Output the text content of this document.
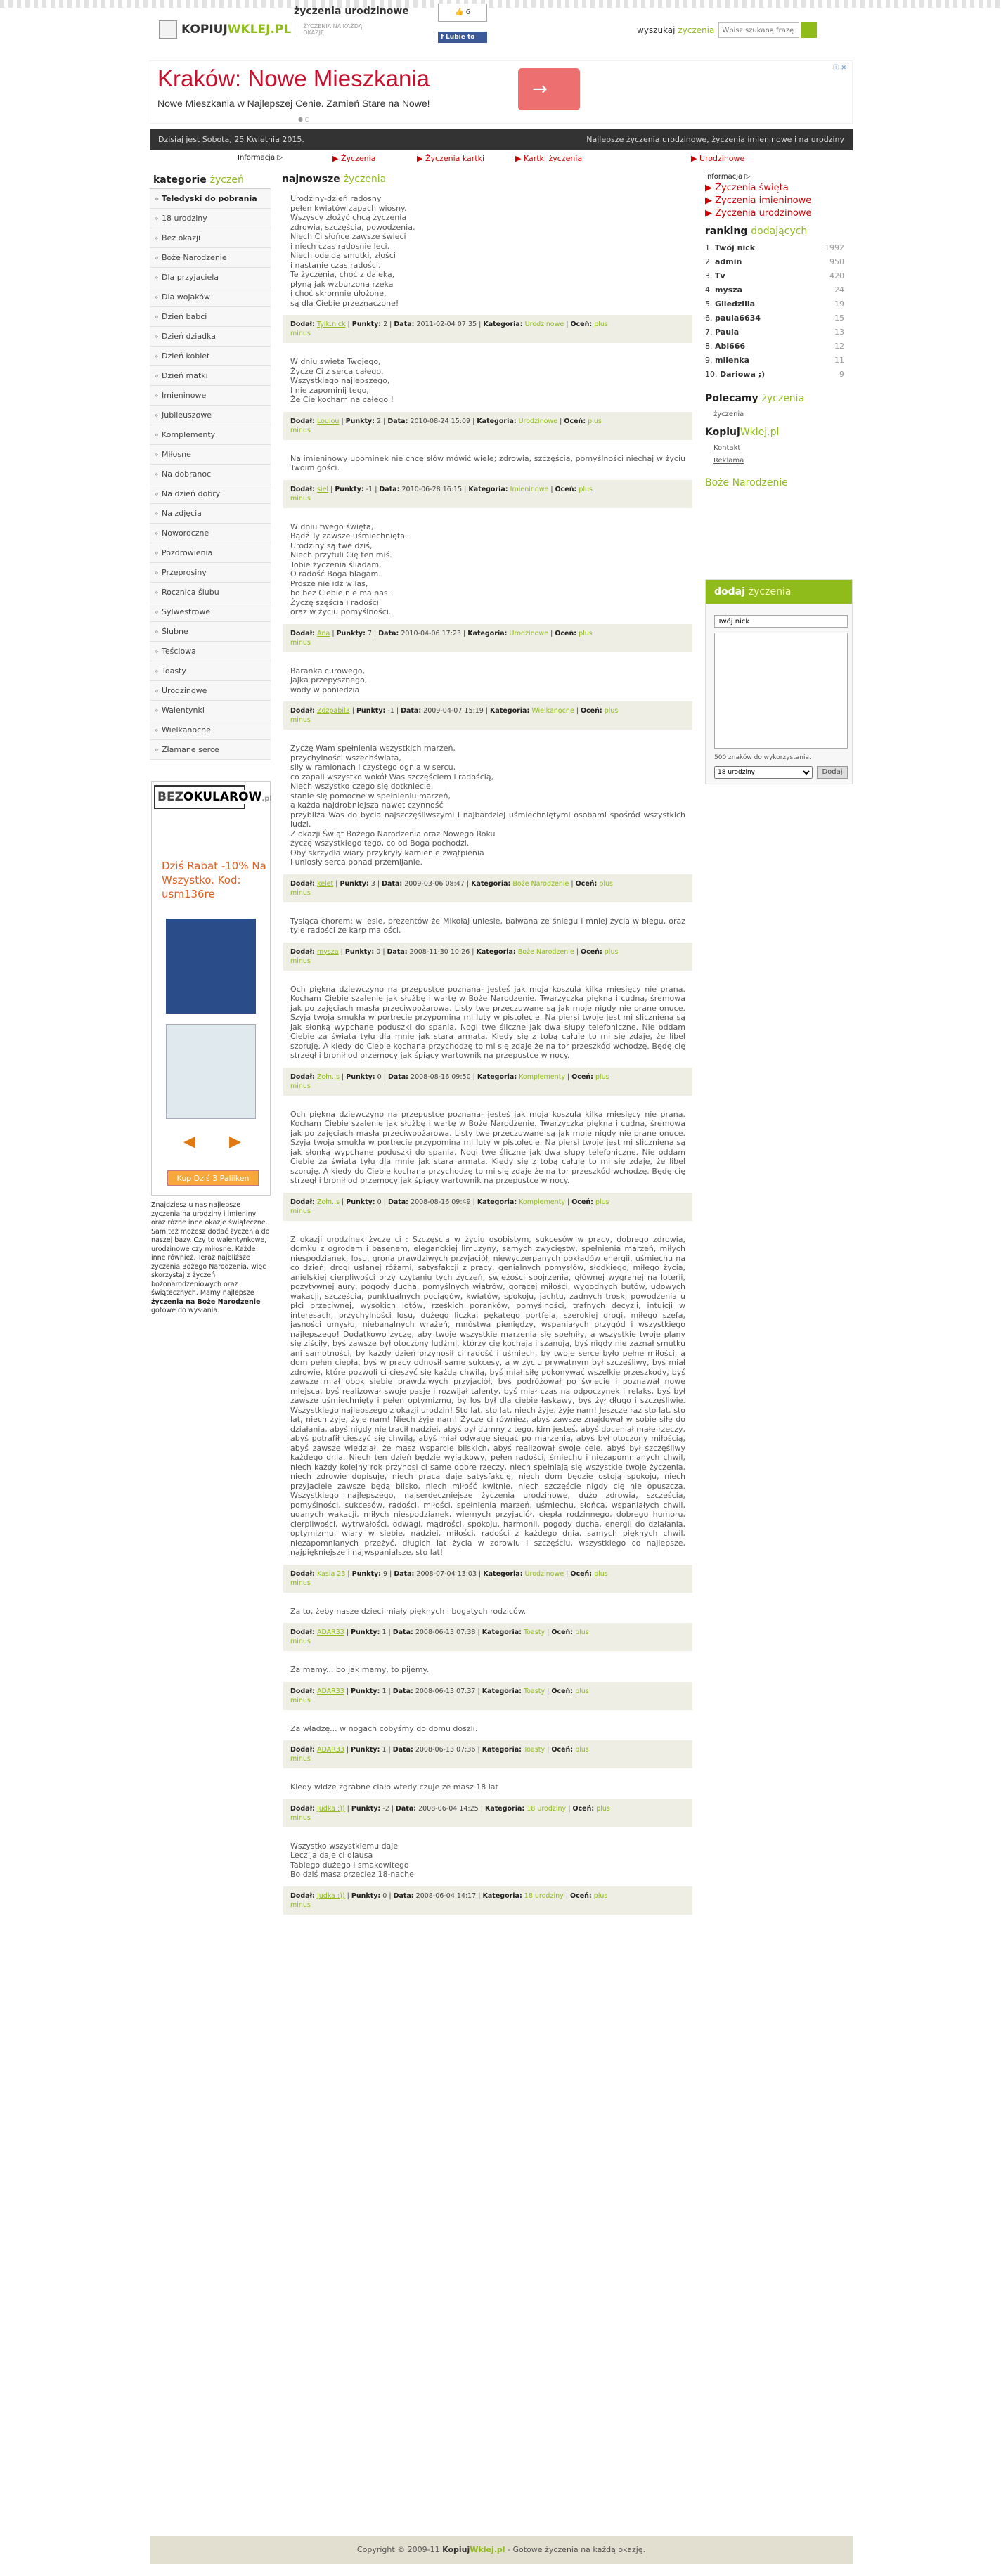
życzenia urodzinowe
KOPIUJWKLEJ.PL ŻYCZENIA NA KAŻDĄ OKAZJĘ
👍 6
f Lubie to
wyszukaj życzenia
Wpisz szukaną frazę
Kraków: Nowe Mieszkania
Nowe Mieszkania w Najlepszej Cenie. Zamień Stare na Nowe!
→
ⓘ ✕
● ○
Dzisiaj jest Sobota, 25 Kwietnia 2015.	Najlepsze życzenia urodzinowe, życzenia imieninowe i na urodziny
Informacja ▷	▶ Życzenia	▶ Życzenia kartki	▶ Kartki życzenia	▶ Urodzinowe
kategorie życzeń
» Teledyski do pobrania
» 18 urodziny
» Bez okazji
» Boże Narodzenie
» Dla przyjaciela
» Dla wojaków
» Dzień babci
» Dzień dziadka
» Dzień kobiet
» Dzień matki
» Imieninowe
» Jubileuszowe
» Komplementy
» Miłosne
» Na dobranoc
» Na dzień dobry
» Na zdjęcia
» Noworoczne
» Pozdrowienia
» Przeprosiny
» Rocznica ślubu
» Sylwestrowe
» Ślubne
» Teściowa
» Toasty
» Urodzinowe
» Walentynki
» Wielkanocne
» Złamane serce
BEZOKULAROW.pl
Dziś Rabat -10% Na Wszystko. Kod: usm136re
◀ ▶
Kup Dziś 3 Paliiken
Znajdziesz u nas najlepsze życzenia na urodziny i imieniny oraz różne inne okazje świąteczne. Sam też możesz dodać życzenia do naszej bazy. Czy to walentynkowe, urodzinowe czy miłosne. Każde inne również. Teraz najbliższe życzenia Bożego Narodzenia, więc skorzystaj z życzeń bożonarodzeniowych oraz świątecznych. Mamy najlepsze życzenia na Boże Narodzenie gotowe do wysłania.
najnowsze życzenia
Urodziny-dzień radosny
pełen kwiatów zapach wiosny.
Wszyscy złożyć chcą życzenia
zdrowia, szczęścia, powodzenia.
Niech Ci słońce zawsze świeci
i niech czas radosnie leci.
Niech odejdą smutki, złości
i nastanie czas radości.
Te życzenia, choć z daleka,
płyną jak wzburzona rzeka
i choć skromnie ułożone,
są dla Ciebie przeznaczone!
Dodał: Tylk.nick | Punkty: 2 | Data: 2011-02-04 07:35 | Kategoria: Urodzinowe | Oceń: plus
minus
W dniu swieta Twojego,
Życze Ci z serca całego,
Wszystkiego najlepszego,
I nie zapominij tego,
Że Cie kocham na całego !
Dodał: Loulou | Punkty: 2 | Data: 2010-08-24 15:09 | Kategoria: Urodzinowe | Oceń: plus
minus
Na imieninowy upominek nie chcę słów mówić wiele; zdrowia, szczęścia, pomyślności niechaj w życiu Twoim gości.
Dodał: siel | Punkty: -1 | Data: 2010-06-28 16:15 | Kategoria: Imieninowe | Oceń: plus
minus
W dniu twego święta,
Bądź Ty zawsze uśmiechnięta.
Urodziny są twe dziś,
Niech przytuli Cię ten miś.
Tobie życzenia śliadam,
O radość Boga błagam.
Prosze nie idź w las,
bo bez Ciebie nie ma nas.
Życzę szęścia i radości
oraz w życiu pomyślności.
Dodał: Ana | Punkty: 7 | Data: 2010-04-06 17:23 | Kategoria: Urodzinowe | Oceń: plus
minus
Baranka curowego,
jajka przepysznego,
wody w poniedzia
Dodał: Zdzpabil3 | Punkty: -1 | Data: 2009-04-07 15:19 | Kategoria: Wielkanocne | Oceń: plus
minus
Życzę Wam spełnienia wszystkich marzeń,
przychylności wszechświata,
siły w ramionach i czystego ognia w sercu,
co zapali wszystko wokół Was szczęściem i radością,
Niech wszystko czego się dotkniecie,
stanie się pomocne w spełnieniu marzeń,
a każda najdrobniejsza nawet czynność
przybliża Was do bycia najszczęśliwszymi i najbardziej uśmiechniętymi osobami spośród wszystkich ludzi.
Z okazji Świąt Bożego Narodzenia oraz Nowego Roku
życzę wszystkiego tego, co od Boga pochodzi.
Oby skrzydła wiary przykryły kamienie zwątpienia
i uniosły serca ponad przemijanie.
Dodał: kelet | Punkty: 3 | Data: 2009-03-06 08:47 | Kategoria: Boże Narodzenie | Oceń: plus
minus
Tysiąca chorem: w lesie, prezentów że Mikołaj uniesie, bałwana ze śniegu i mniej życia w biegu, oraz tyle radości że karp ma ości.
Dodał: mysza | Punkty: 0 | Data: 2008-11-30 10:26 | Kategoria: Boże Narodzenie | Oceń: plus
minus
Och piękna dziewczyno na przepustce poznana- jesteś jak moja koszula kilka miesięcy nie prana. Kocham Ciebie szalenie jak służbę i wartę w Boże Narodzenie. Twarzyczka piękna i cudna, śremowa jak po zajęciach masła przeciwpożarowa. Listy twe przeczuwane są jak moje nigdy nie prane onuce. Szyja twoja smukła w portrecie przypomina mi luty w pistolecie. Na piersi twoje jest mi śliczniena są jak słonką wypchane poduszki do spania. Nogi twe śliczne jak dwa słupy telefoniczne. Nie oddam Ciebie za świata tyłu dla mnie jak stara armata. Kiedy się z tobą całuję to mi się zdaje, że libel szoruję. A kiedy do Ciebie kochana przychodzę to mi się zdaje że na tor przeszkód wchodzę. Będę cię strzegł i bronił od przemocy jak śpiący wartownik na przepustce w nocy.
Dodał: Żołn..s | Punkty: 0 | Data: 2008-08-16 09:50 | Kategoria: Komplementy | Oceń: plus
minus
Och piękna dziewczyno na przepustce poznana- jesteś jak moja koszula kilka miesięcy nie prana. Kocham Ciebie szalenie jak służbę i wartę w Boże Narodzenie. Twarzyczka piękna i cudna, śremowa jak po zajęciach masła przeciwpożarowa. Listy twe przeczuwane są jak moje nigdy nie prane onuce. Szyja twoja smukła w portrecie przypomina mi luty w pistolecie. Na piersi twoje jest mi śliczniena są jak słonką wypchane poduszki do spania. Nogi twe śliczne jak dwa słupy telefoniczne. Nie oddam Ciebie za świata tyłu dla mnie jak stara armata. Kiedy się z tobą całuję to mi się zdaje, że libel szoruję. A kiedy do Ciebie kochana przychodzę to mi się zdaje że na tor przeszkód wchodzę. Będę cię strzegł i bronił od przemocy jak śpiący wartownik na przepustce w nocy.
Dodał: Żołn..s | Punkty: 0 | Data: 2008-08-16 09:49 | Kategoria: Komplementy | Oceń: plus
minus
Z okazji urodzinek życzę ci : Szczęścia w życiu osobistym, sukcesów w pracy, dobrego zdrowia, domku z ogrodem i basenem, eleganckiej limuzyny, samych zwycięstw, spełnienia marzeń, miłych niespodzianek, losu, grona prawdziwych przyjaciół, niewyczerpanych pokładów energii, uśmiechu na co dzień, drogi usłanej różami, satysfakcji z pracy, genialnych pomysłów, słodkiego, miłego życia, anielskiej cierpliwości przy czytaniu tych życzeń, świeżości spojrzenia, głównej wygranej na loterii, pozytywnej aury, pogody ducha, pomyślnych wiatrów, gorącej miłości, wygodnych butów, udowych wakacji, szczęścia, punktualnych pociągów, kwiatów, spokoju, jachtu, zadnych trosk, powodzenia u płci przeciwnej, wysokich lotów, rześkich poranków, pomyślności, trafnych decyzji, intuicji w interesach, przychylności losu, dużego liczka, pękatego portfela, szerokiej drogi, miłego szefa, jasności umysłu, niebanalnych wrażeń, mnóstwa pieniędzy, wspaniałych przygód i wszystkiego najlepszego! Dodatkowo życzę, aby twoje wszystkie marzenia się spełniły, a wszystkie twoje plany się ziściły, byś zawsze był otoczony ludźmi, którzy cię kochają i szanują, byś nigdy nie zaznał smutku ani samotności, by każdy dzień przynosił ci radość i uśmiech, by twoje serce było pełne miłości, a dom pełen ciepła, byś w pracy odnosił same sukcesy, a w życiu prywatnym był szczęśliwy, byś miał zdrowie, które pozwoli ci cieszyć się każdą chwilą, byś miał siłę pokonywać wszelkie przeszkody, byś zawsze miał obok siebie prawdziwych przyjaciół, byś podróżował po świecie i poznawał nowe miejsca, byś realizował swoje pasje i rozwijał talenty, byś miał czas na odpoczynek i relaks, byś był zawsze uśmiechnięty i pełen optymizmu, by los był dla ciebie łaskawy, byś żył długo i szczęśliwie. Wszystkiego najlepszego z okazji urodzin! Sto lat, sto lat, niech żyje, żyje nam! Jeszcze raz sto lat, sto lat, niech żyje, żyje nam! Niech żyje nam! Życzę ci również, abyś zawsze znajdował w sobie siłę do działania, abyś nigdy nie tracił nadziei, abyś był dumny z tego, kim jesteś, abyś doceniał małe rzeczy, abyś potrafił cieszyć się chwilą, abyś miał odwagę sięgać po marzenia, abyś był otoczony miłością, abyś zawsze wiedział, że masz wsparcie bliskich, abyś realizował swoje cele, abyś był szczęśliwy każdego dnia. Niech ten dzień będzie wyjątkowy, pełen radości, śmiechu i niezapomnianych chwil, niech każdy kolejny rok przynosi ci same dobre rzeczy, niech spełniają się wszystkie twoje życzenia, niech zdrowie dopisuje, niech praca daje satysfakcję, niech dom będzie ostoją spokoju, niech przyjaciele zawsze będą blisko, niech miłość kwitnie, niech szczęście nigdy cię nie opuszcza. Wszystkiego najlepszego, najserdeczniejsze życzenia urodzinowe, dużo zdrowia, szczęścia, pomyślności, sukcesów, radości, miłości, spełnienia marzeń, uśmiechu, słońca, wspaniałych chwil, udanych wakacji, miłych niespodzianek, wiernych przyjaciół, ciepła rodzinnego, dobrego humoru, cierpliwości, wytrwałości, odwagi, mądrości, spokoju, harmonii, pogody ducha, energii do działania, optymizmu, wiary w siebie, nadziei, miłości, radości z każdego dnia, samych pięknych chwil, niezapomnianych przeżyć, długich lat życia w zdrowiu i szczęściu, wszystkiego co najlepsze, najpiękniejsze i najwspanialsze, sto lat!
Dodał: Kasia 23 | Punkty: 9 | Data: 2008-07-04 13:03 | Kategoria: Urodzinowe | Oceń: plus
minus
Za to, żeby nasze dzieci miały pięknych i bogatych rodziców.
Dodał: ADAR33 | Punkty: 1 | Data: 2008-06-13 07:38 | Kategoria: Toasty | Oceń: plus
minus
Za mamy... bo jak mamy, to pijemy.
Dodał: ADAR33 | Punkty: 1 | Data: 2008-06-13 07:37 | Kategoria: Toasty | Oceń: plus
minus
Za władzę... w nogach cobyśmy do domu doszli.
Dodał: ADAR33 | Punkty: 1 | Data: 2008-06-13 07:36 | Kategoria: Toasty | Oceń: plus
minus
Kiedy widze zgrabne ciało wtedy czuje ze masz 18 lat
Dodał: Judka :)) | Punkty: -2 | Data: 2008-06-04 14:25 | Kategoria: 18 urodziny | Oceń: plus
minus
Wszystko wszystkiemu daje
Lecz ja daje ci dlausa
Tablego dużego i smakowitego
Bo dziś masz przeciez 18-nache
Dodał: Judka :)) | Punkty: 0 | Data: 2008-06-04 14:17 | Kategoria: 18 urodziny | Oceń: plus
minus
Informacja ▷
▶ Życzenia święta
▶ Życzenia imieninowe
▶ Życzenia urodzinowe
ranking dodających
1. Twój nick	1992
2. admin	950
3. Tv	420
4. mysza	24
5. Gliedzilla	19
6. paula6634	15
7. Paula	13
8. Abi666	12
9. milenka	11
10. Dariowa ;)	9
Polecamy życzenia
życzenia
KopiujWklej.pl
Kontakt
Reklama
Boże Narodzenie
dodaj życzenia
Twój nick
500 znaków do wykorzystania.
18 urodziny
Dodaj
Copyright © 2009-11 KopiujWklej.pl - Gotowe życzenia na każdą okazję.
